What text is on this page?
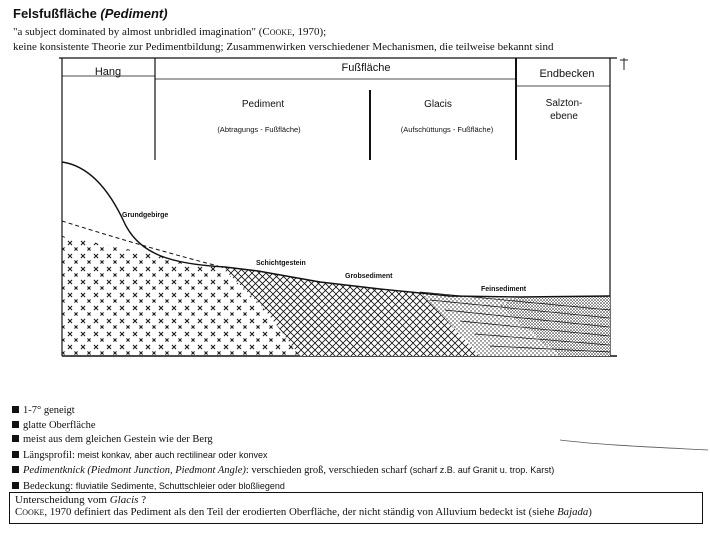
Felsfußfläche (Pediment)
"a subject dominated by almost unbridled imagination" (Cooke, 1970);
keine konsistente Theorie zur Pedimentbildung; Zusammenwirken verschiedener Mechanismen, die teilweise bekannt sind
Hang	Fußfläche	Endbecken
Pediment
(Abtragungs - Fußfläche)
Glacis
(Aufschüttungs - Fußfläche)
Salzton-
ebene
Grundgebirge
Schichtgestein
Grobsediment
Feinsediment
1-7° geneigt
glatte Oberfläche
meist aus dem gleichen Gestein wie der Berg
Längsprofil: meist konkav, aber auch rectilinear oder konvex
Pedimentknick (Piedmont Junction, Piedmont Angle): verschieden groß, verschieden scharf (scharf z.B. auf Granit u. trop. Karst)
Bedeckung: fluviatile Sedimente, Schuttschleier oder bloßliegend
Unterscheidung vom Glacis ?
Cooke, 1970 definiert das Pediment als den Teil der erodierten Oberfläche, der nicht ständig von Alluvium bedeckt ist (siehe Bajada)
